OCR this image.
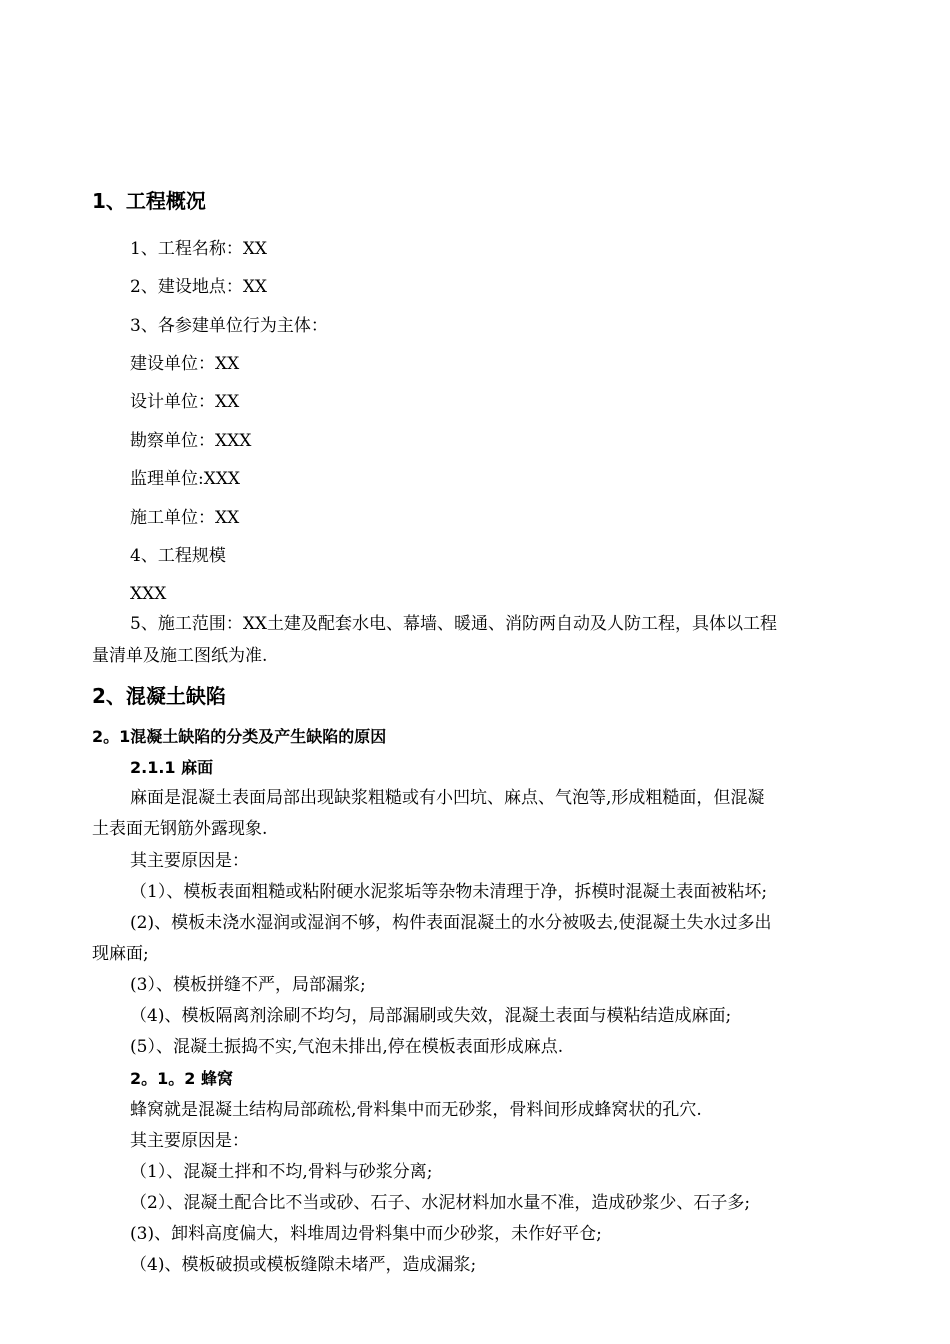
1、工程概况
1、工程名称：XX
2、建设地点：XX
3、各参建单位行为主体：
建设单位：XX
设计单位：XX
勘察单位：XXX
监理单位:XXX
施工单位：XX
4、工程规模
XXX
5、施工范围：XX土建及配套水电、幕墙、暖通、消防两自动及人防工程，具体以工程
量清单及施工图纸为准.
2、混凝土缺陷
2。1混凝土缺陷的分类及产生缺陷的原因
2.1.1 麻面
麻面是混凝土表面局部出现缺浆粗糙或有小凹坑、麻点、气泡等,形成粗糙面，但混凝
土表面无钢筋外露现象.
其主要原因是：
（1）、模板表面粗糙或粘附硬水泥浆垢等杂物未清理于净，拆模时混凝土表面被粘坏;
(2)、模板未浇水湿润或湿润不够，构件表面混凝土的水分被吸去,使混凝土失水过多出
现麻面;
(3）、模板拼缝不严，局部漏浆;
（4)、模板隔离剂涂刷不均匀，局部漏刷或失效，混凝土表面与模粘结造成麻面;
(5）、混凝土振捣不实,气泡未排出,停在模板表面形成麻点.
2。1。2 蜂窝
蜂窝就是混凝土结构局部疏松,骨料集中而无砂浆，骨料间形成蜂窝状的孔穴.
其主要原因是：
（1）、混凝土拌和不均,骨料与砂浆分离;
（2）、混凝土配合比不当或砂、石子、水泥材料加水量不准，造成砂浆少、石子多;
(3)、卸料高度偏大，料堆周边骨料集中而少砂浆，未作好平仓;
（4)、模板破损或模板缝隙未堵严，造成漏浆;
